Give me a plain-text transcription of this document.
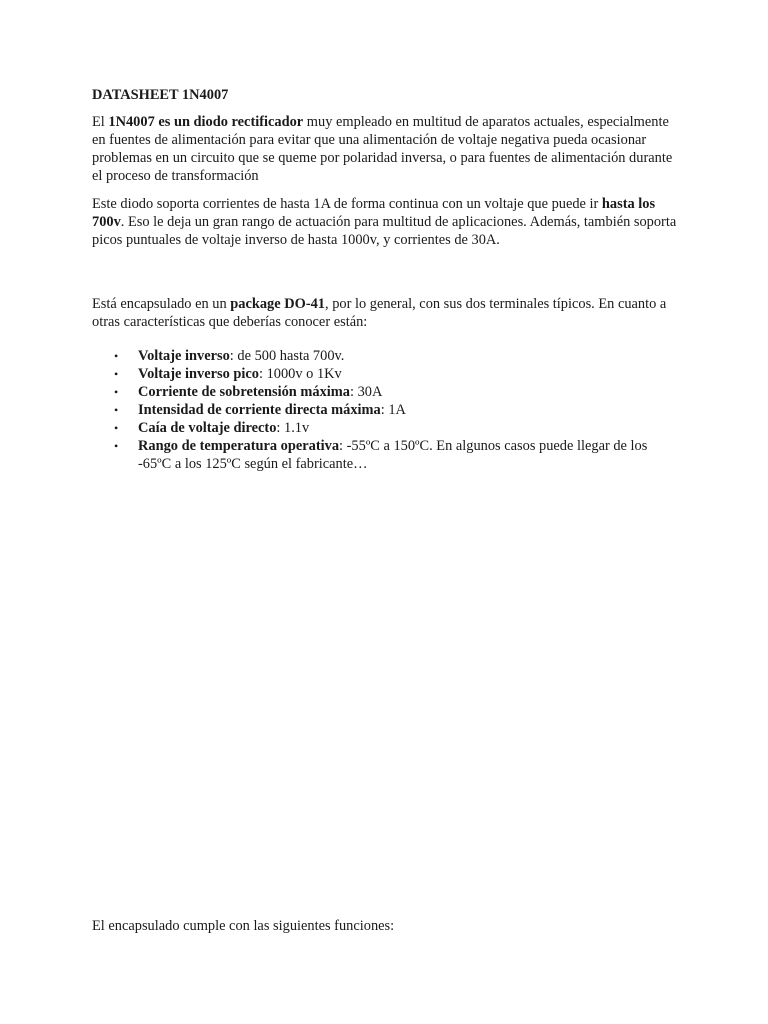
DATASHEET 1N4007

El 1N4007 es un diodo rectificador muy empleado en multitud de aparatos actuales, especialmente en fuentes de alimentación para evitar que una alimentación de voltaje negativa pueda ocasionar problemas en un circuito que se queme por polaridad inversa, o para fuentes de alimentación durante el proceso de transformación

Este diodo soporta corrientes de hasta 1A de forma continua con un voltaje que puede ir hasta los 700v. Eso le deja un gran rango de actuación para multitud de aplicaciones. Además, también soporta picos puntuales de voltaje inverso de hasta 1000v, y corrientes de 30A.

Está encapsulado en un package DO-41, por lo general, con sus dos terminales típicos. En cuanto a otras características que deberías conocer están:

• Voltaje inverso: de 500 hasta 700v.
• Voltaje inverso pico: 1000v o 1Kv
• Corriente de sobretensión máxima: 30A
• Intensidad de corriente directa máxima: 1A
• Caía de voltaje directo: 1.1v
• Rango de temperatura operativa: -55ºC a 150ºC. En algunos casos puede llegar de los -65ºC a los 125ºC según el fabricante…

El encapsulado cumple con las siguientes funciones:
